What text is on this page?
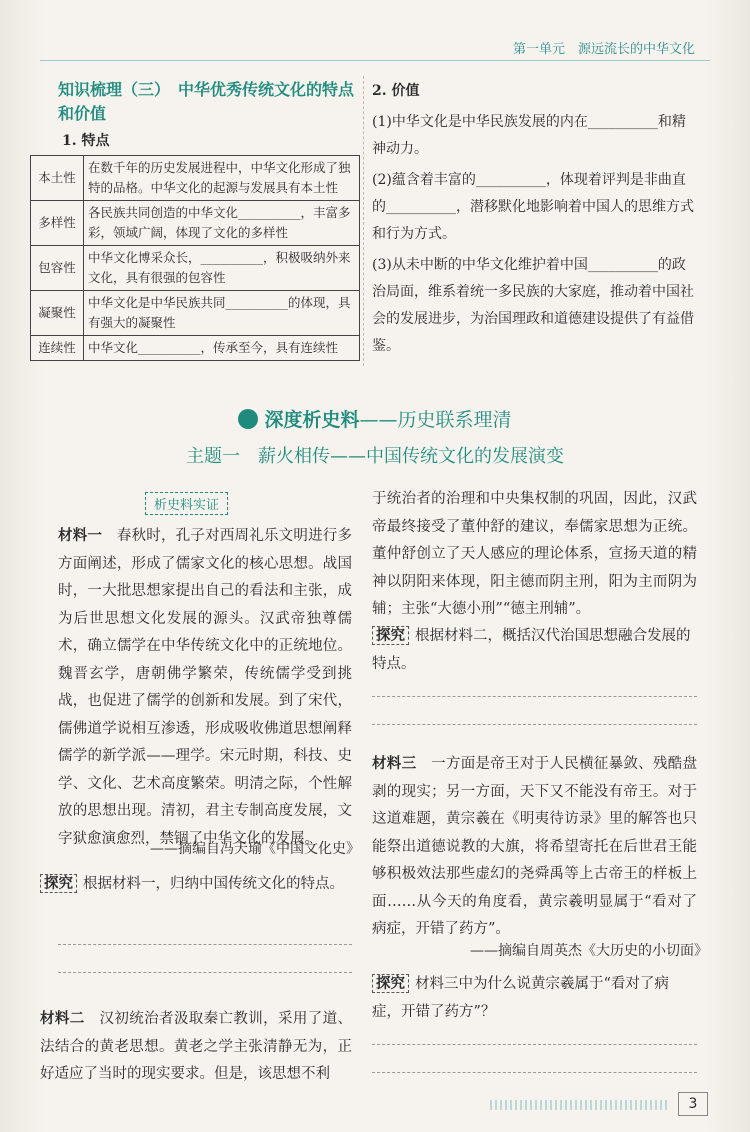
第一单元　源远流长的中华文化
知识梳理（三）　中华优秀传统文化的特点和价值
1. 特点
本土性	在数千年的历史发展进程中，中华文化形成了独特的品格。中华文化的起源与发展具有本土性
多样性	各民族共同创造的中华文化__________，丰富多彩，领域广阔，体现了文化的多样性
包容性	中华文化博采众长，__________，积极吸纳外来文化，具有很强的包容性
凝聚性	中华文化是中华民族共同__________的体现，具有强大的凝聚性
连续性	中华文化__________，传承至今，具有连续性
2. 价值
(1)中华文化是中华民族发展的内在__________和精神动力。
(2)蕴含着丰富的__________，体现着评判是非曲直的__________，潜移默化地影响着中国人的思维方式和行为方式。
(3)从未中断的中华文化维护着中国__________的政治局面，维系着统一多民族的大家庭，推动着中国社会的发展进步，为治国理政和道德建设提供了有益借鉴。
深度析史料——历史联系理清
主题一　薪火相传——中国传统文化的发展演变
析史料实证
材料一　 春秋时，孔子对西周礼乐文明进行多方面阐述，形成了儒家文化的核心思想。战国时，一大批思想家提出自己的看法和主张，成为后世思想文化发展的源头。汉武帝独尊儒术，确立儒学在中华传统文化中的正统地位。魏晋玄学，唐朝佛学繁荣，传统儒学受到挑战，也促进了儒学的创新和发展。到了宋代，儒佛道学说相互渗透，形成吸收佛道思想阐释儒学的新学派——理学。宋元时期，科技、史学、文化、艺术高度繁荣。明清之际，个性解放的思想出现。清初，君主专制高度发展，文字狱愈演愈烈，禁锢了中华文化的发展。
——摘编自冯天瑜《中国文化史》
探究 根据材料一，归纳中国传统文化的特点。
材料二　 汉初统治者汲取秦亡教训，采用了道、法结合的黄老思想。黄老之学主张清静无为，正好适应了当时的现实要求。但是，该思想不利
于统治者的治理和中央集权制的巩固，因此，汉武帝最终接受了董仲舒的建议，奉儒家思想为正统。董仲舒创立了天人感应的理论体系，宣扬天道的精神以阴阳来体现，阳主德而阴主刑，阳为主而阴为辅；主张“大德小刑”“德主刑辅”。
探究 根据材料二，概括汉代治国思想融合发展的特点。
材料三　 一方面是帝王对于人民横征暴敛、残酷盘剥的现实；另一方面，天下又不能没有帝王。对于这道难题，黄宗羲在《明夷待访录》里的解答也只能祭出道德说教的大旗，将希望寄托在后世君王能够积极效法那些虚幻的尧舜禹等上古帝王的样板上面……从今天的角度看，黄宗羲明显属于“看对了病症，开错了药方”。
——摘编自周英杰《大历史的小切面》
探究 材料三中为什么说黄宗羲属于“看对了病症，开错了药方”？
3
